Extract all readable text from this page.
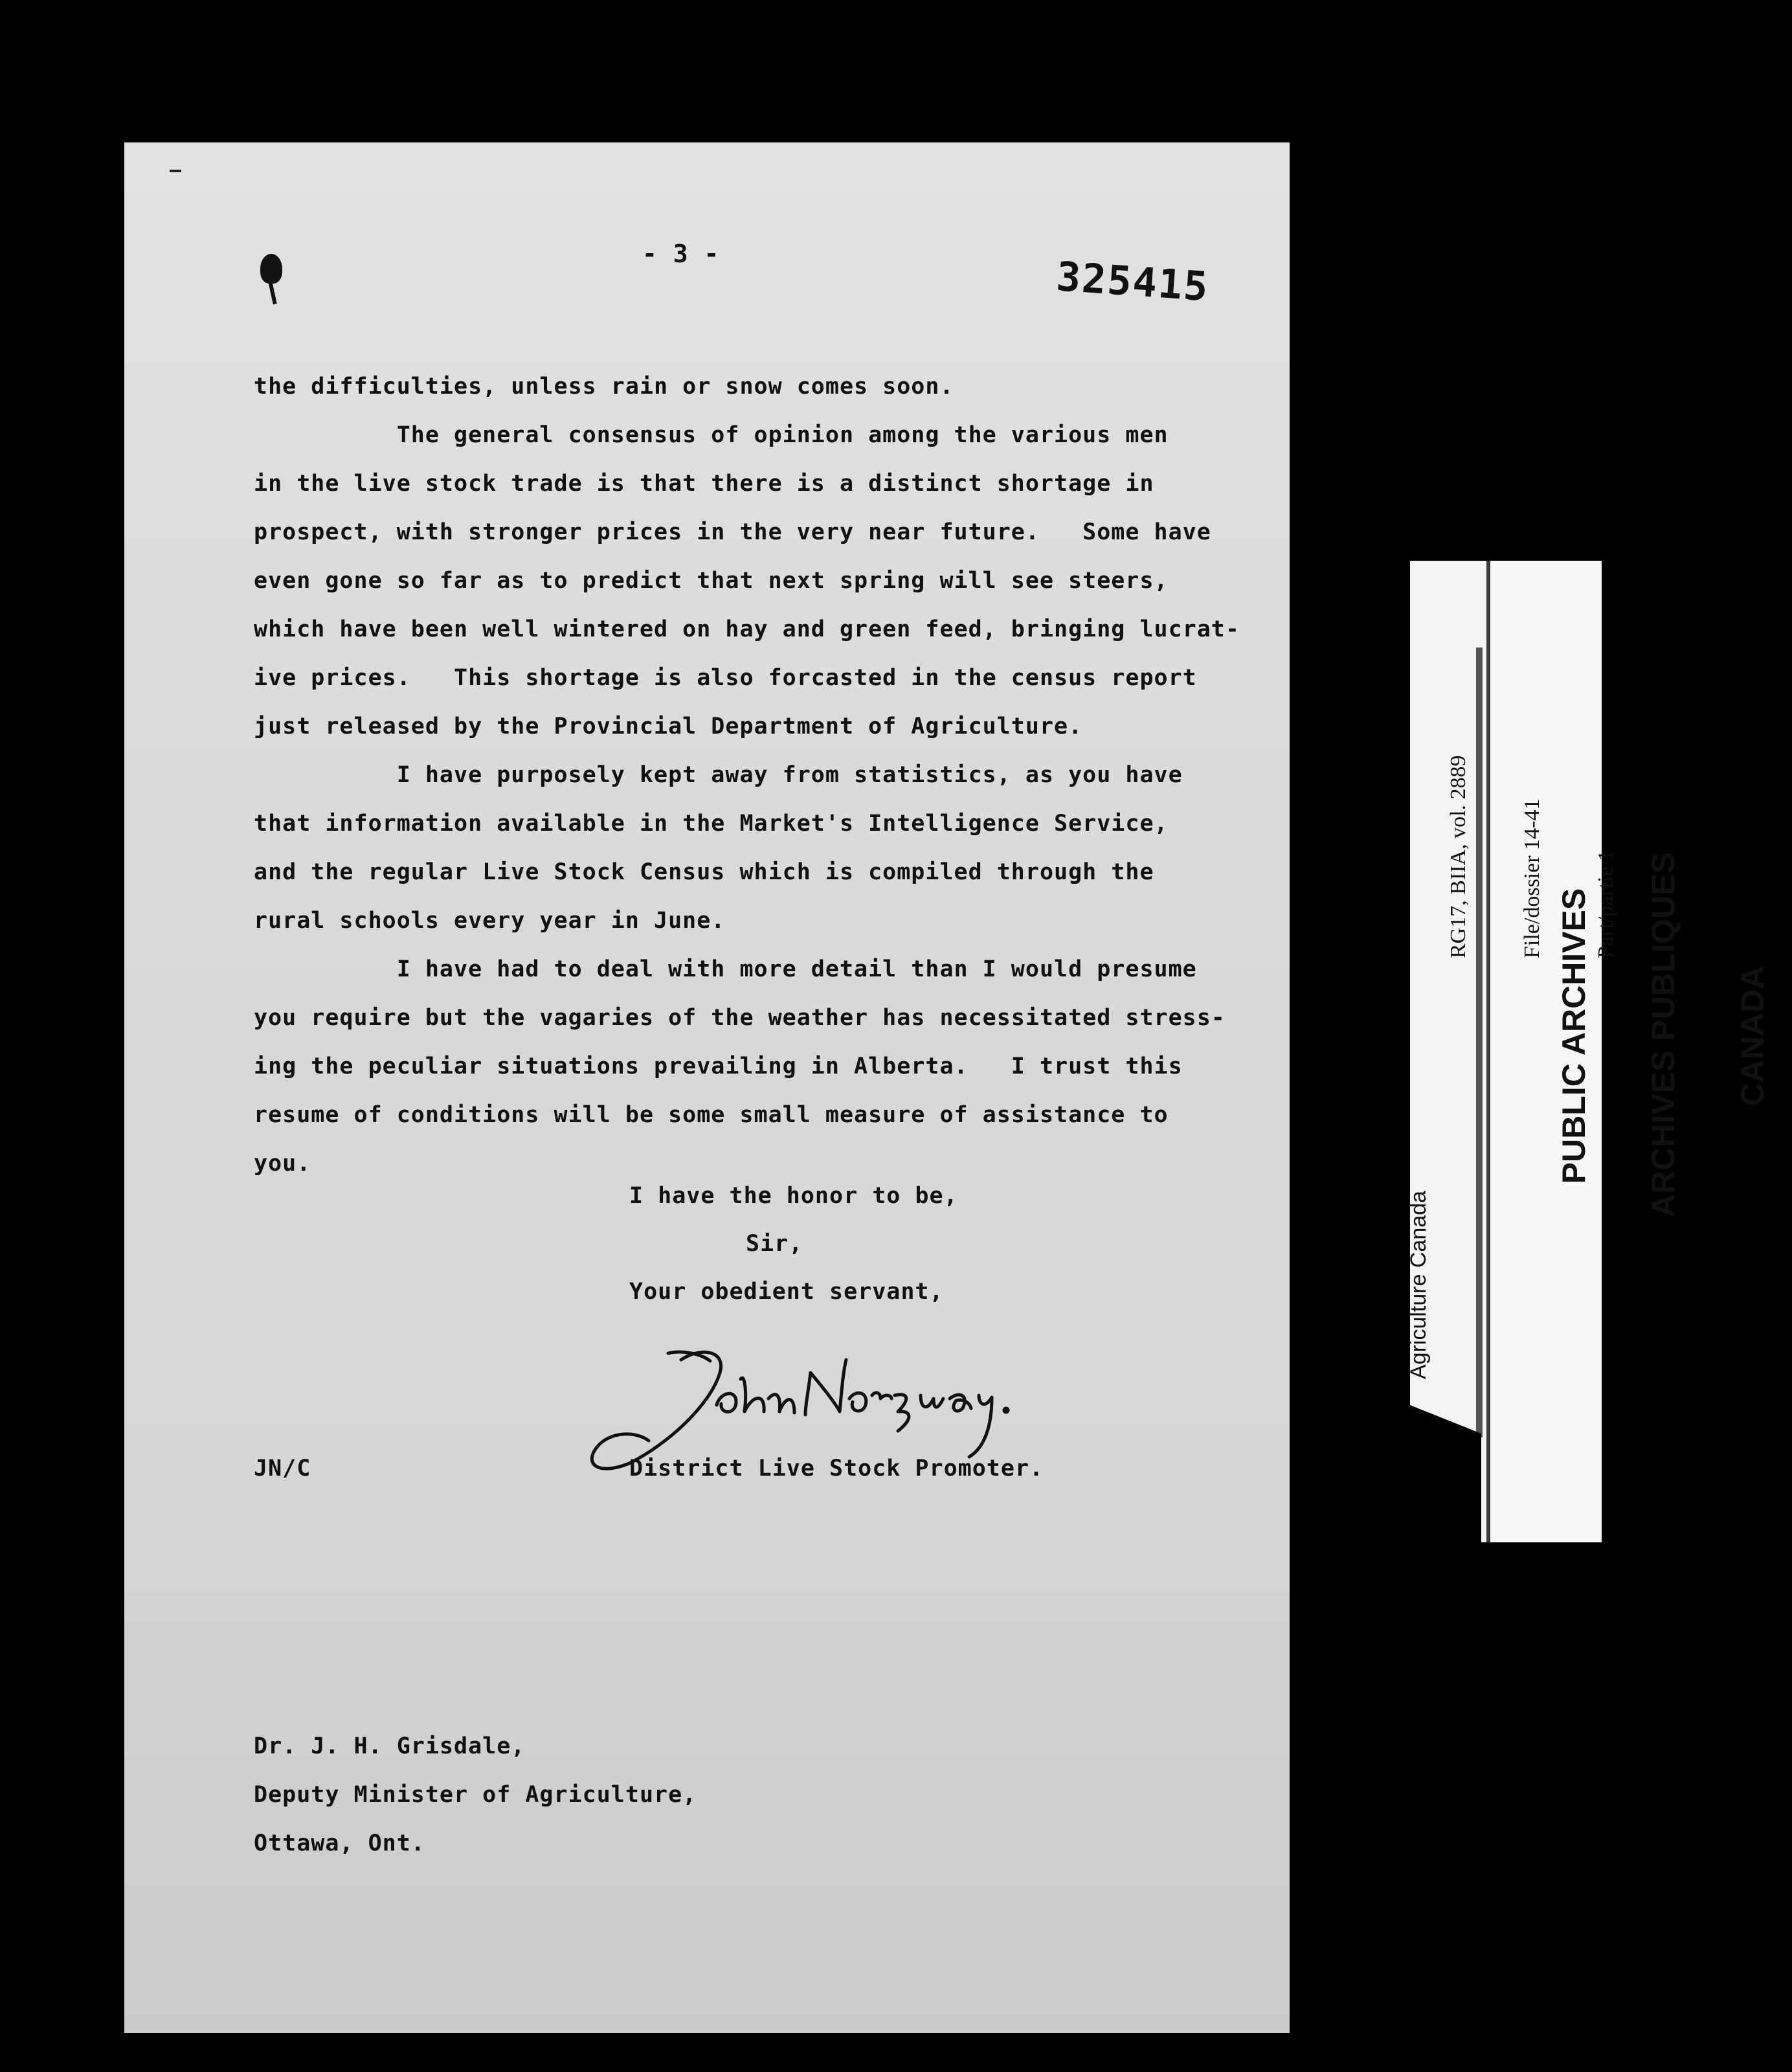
- 3 -	325415
the difficulties, unless rain or snow comes soon.
The general consensus of opinion among the various men
in the live stock trade is that there is a distinct shortage in
prospect, with stronger prices in the very near future.   Some have
even gone so far as to predict that next spring will see steers,
which have been well wintered on hay and green feed, bringing lucrat-
ive prices.   This shortage is also forcasted in the census report
just released by the Provincial Department of Agriculture.
I have purposely kept away from statistics, as you have
that information available in the Market's Intelligence Service,
and the regular Live Stock Census which is compiled through the
rural schools every year in June.
I have had to deal with more detail than I would presume
you require but the vagaries of the weather has necessitated stress-
ing the peculiar situations prevailing in Alberta.   I trust this
resume of conditions will be some small measure of assistance to
you.
I have the honor to be,
Sir,
Your obedient servant,
JN/C	District Live Stock Promoter.
Dr. J. H. Grisdale,
Deputy Minister of Agriculture,
Ottawa, Ont.

RG17, BIIA, vol. 2889

File/dossier 14-41

Part/partie 1

Agriculture Canada

PUBLIC ARCHIVES

ARCHIVES PUBLIQUES

CANADA
